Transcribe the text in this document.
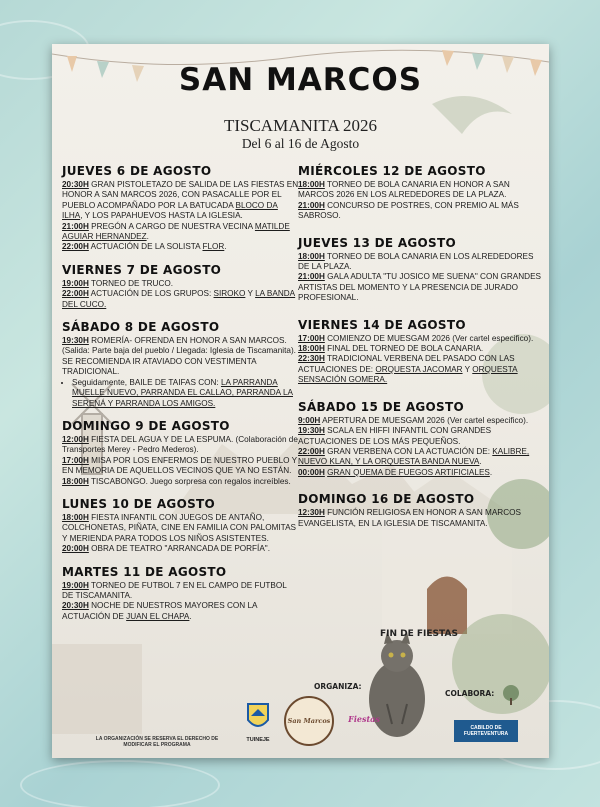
SAN MARCOS
TISCAMANITA 2026
Del 6 al 16 de Agosto
JUEVES 6 DE AGOSTO

20:30H GRAN PISTOLETAZO DE SALIDA DE LAS FIESTAS EN HONOR A SAN MARCOS 2026, CON PASACALLE POR EL PUEBLO ACOMPAÑADO POR LA BATUCADA BLOCO DA ILHA, Y LOS PAPAHUEVOS HASTA LA IGLESIA.

21:00H PREGÓN A CARGO DE NUESTRA VECINA MATILDE AGUIAR HERNANDEZ.

22:00H ACTUACIÓN DE LA SOLISTA FLOR.

VIERNES 7 DE AGOSTO

19:00H TORNEO DE TRUCO.

22:00H ACTUACIÓN DE LOS GRUPOS: SIROKO Y LA BANDA DEL CUCO.

SÁBADO 8 DE AGOSTO

19:30H ROMERÍA- OFRENDA EN HONOR A SAN MARCOS. (Salida: Parte baja del pueblo / Llegada: Iglesia de Tiscamanita). SE RECOMIENDA IR ATAVIADO CON VESTIMENTA TRADICIONAL.

• Seguidamente, BAILE DE TAIFAS CON: LA PARRANDA MUELLE NUEVO, PARRANDA EL CALLAO, PARRANDA LA SERENÁ Y PARRANDA LOS AMIGOS.
DOMINGO 9 DE AGOSTO

12:00H FIESTA DEL AGUA Y DE LA ESPUMA. (Colaboración de Transportes Merey - Pedro Mederos).

17:00H MISA POR LOS ENFERMOS DE NUESTRO PUEBLO Y EN MEMORIA DE AQUELLOS VECINOS QUE YA NO ESTÁN.

18:00H TISCABONGO. Juego sorpresa con regalos increíbles.

LUNES 10 DE AGOSTO

18:00H FIESTA INFANTIL CON JUEGOS DE ANTAÑO, COLCHONETAS, PIÑATA, CINE EN FAMILIA CON PALOMITAS Y MERIENDA PARA TODOS LOS NIÑOS ASISTENTES.

20:00H OBRA DE TEATRO "ARRANCADA DE PORFÍA".

MARTES 11 DE AGOSTO

19:00H TORNEO DE FUTBOL 7 EN EL CAMPO DE FUTBOL DE TISCAMANITA.

20:30H NOCHE DE NUESTROS MAYORES CON LA ACTUACIÓN DE JUAN EL CHAPA.

MIÉRCOLES 12 DE AGOSTO

18:00H TORNEO DE BOLA CANARIA EN HONOR A SAN MARCOS 2026 EN LOS ALREDEDORES DE LA PLAZA.

21:00H CONCURSO DE POSTRES, CON PREMIO AL MÁS SABROSO.

JUEVES 13 DE AGOSTO

18:00H TORNEO DE BOLA CANARIA EN LOS ALREDEDORES DE LA PLAZA.

21:00H GALA ADULTA "TU JOSICO ME SUENA" CON GRANDES ARTISTAS DEL MOMENTO Y LA PRESENCIA DE JURADO PROFESIONAL.

VIERNES 14 DE AGOSTO

17:00H COMIENZO DE MUESGAM 2026 (Ver cartel especifico).

18:00H FINAL DEL TORNEO DE BOLA CANARIA.

22:30H TRADICIONAL VERBENA DEL PASADO CON LAS ACTUACIONES DE: ORQUESTA JACOMAR Y ORQUESTA SENSACIÓN GOMERA.

SÁBADO 15 DE AGOSTO

9:00H APERTURA DE MUESGAM 2026 (Ver cartel especifico).

19:30H SCALA EN HIFFI INFANTIL CON GRANDES ACTUACIONES DE LOS MÁS PEQUEÑOS.

22:00H GRAN VERBENA CON LA ACTUACIÓN DE: KALIBRE, NUEVO KLAN, Y LA ORQUESTA BANDA NUEVA.

00:00H GRAN QUEMA DE FUEGOS ARTIFICIALES.

DOMINGO 16 DE AGOSTO

12:30H FUNCIÓN RELIGIOSA EN HONOR A SAN MARCOS EVANGELISTA, EN LA IGLESIA DE TISCAMANITA.

FIN DE FIESTAS
ORGANIZA:
COLABORA:
LA ORGANIZACIÓN SE RESERVA EL DERECHO DE MODIFICAR EL PROGRAMA
TUINEJE
San Marcos Fiestas
CABILDO DE FUERTEVENTURA
